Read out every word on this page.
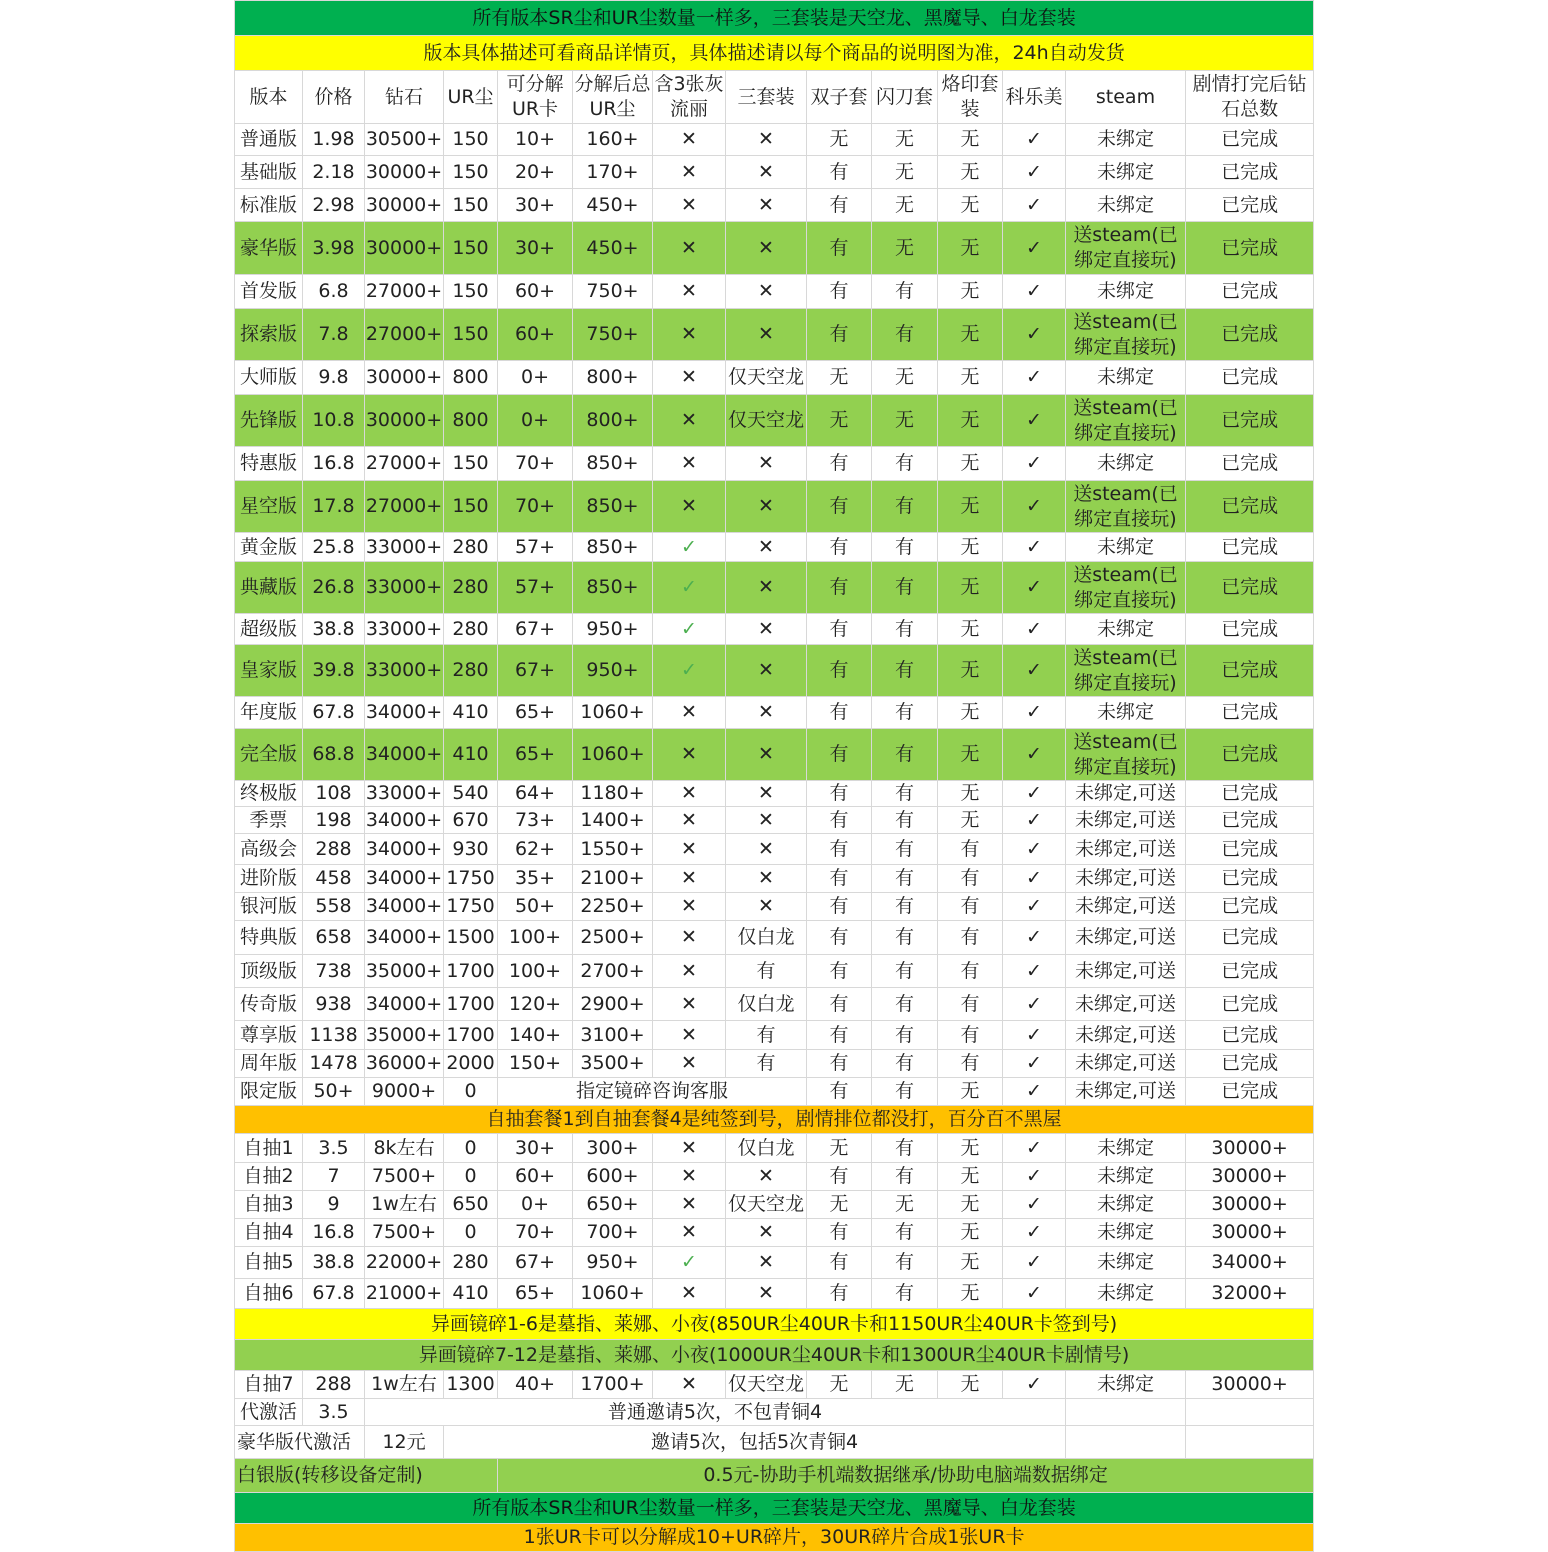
所有版本SR尘和UR尘数量一样多，三套装是天空龙、黑魔导、白龙套装													
版本具体描述可看商品详情页，具体描述请以每个商品的说明图为准，24h自动发货													
版本	价格	钻石	UR尘	可分解UR卡	分解后总UR尘	含3张灰流丽	三套装	双子套	闪刀套	烙印套装	科乐美	steam	剧情打完后钻石总数
普通版	1.98	30500+	150	10+	160+	✕	✕	无	无	无	✓	未绑定	已完成
基础版	2.18	30000+	150	20+	170+	✕	✕	有	无	无	✓	未绑定	已完成
标准版	2.98	30000+	150	30+	450+	✕	✕	有	无	无	✓	未绑定	已完成
豪华版	3.98	30000+	150	30+	450+	✕	✕	有	无	无	✓	送steam(已绑定直接玩)	已完成
首发版	6.8	27000+	150	60+	750+	✕	✕	有	有	无	✓	未绑定	已完成
探索版	7.8	27000+	150	60+	750+	✕	✕	有	有	无	✓	送steam(已绑定直接玩)	已完成
大师版	9.8	30000+	800	0+	800+	✕	仅天空龙	无	无	无	✓	未绑定	已完成
先锋版	10.8	30000+	800	0+	800+	✕	仅天空龙	无	无	无	✓	送steam(已绑定直接玩)	已完成
特惠版	16.8	27000+	150	70+	850+	✕	✕	有	有	无	✓	未绑定	已完成
星空版	17.8	27000+	150	70+	850+	✕	✕	有	有	无	✓	送steam(已绑定直接玩)	已完成
黄金版	25.8	33000+	280	57+	850+	✓	✕	有	有	无	✓	未绑定	已完成
典藏版	26.8	33000+	280	57+	850+	✓	✕	有	有	无	✓	送steam(已绑定直接玩)	已完成
超级版	38.8	33000+	280	67+	950+	✓	✕	有	有	无	✓	未绑定	已完成
皇家版	39.8	33000+	280	67+	950+	✓	✕	有	有	无	✓	送steam(已绑定直接玩)	已完成
年度版	67.8	34000+	410	65+	1060+	✕	✕	有	有	无	✓	未绑定	已完成
完全版	68.8	34000+	410	65+	1060+	✕	✕	有	有	无	✓	送steam(已绑定直接玩)	已完成
终极版	108	33000+	540	64+	1180+	✕	✕	有	有	无	✓	未绑定,可送	已完成
季票	198	34000+	670	73+	1400+	✕	✕	有	有	无	✓	未绑定,可送	已完成
高级会	288	34000+	930	62+	1550+	✕	✕	有	有	有	✓	未绑定,可送	已完成
进阶版	458	34000+	1750	35+	2100+	✕	✕	有	有	有	✓	未绑定,可送	已完成
银河版	558	34000+	1750	50+	2250+	✕	✕	有	有	有	✓	未绑定,可送	已完成
特典版	658	34000+	1500	100+	2500+	✕	仅白龙	有	有	有	✓	未绑定,可送	已完成
顶级版	738	35000+	1700	100+	2700+	✕	有	有	有	有	✓	未绑定,可送	已完成
传奇版	938	34000+	1700	120+	2900+	✕	仅白龙	有	有	有	✓	未绑定,可送	已完成
尊享版	1138	35000+	1700	140+	3100+	✕	有	有	有	有	✓	未绑定,可送	已完成
周年版	1478	36000+	2000	150+	3500+	✕	有	有	有	有	✓	未绑定,可送	已完成
限定版	50+	9000+	0	指定镜碎咨询客服				有	有	无	✓	未绑定,可送	已完成
自抽套餐1到自抽套餐4是纯签到号，剧情排位都没打，百分百不黑屋													
自抽1	3.5	8k左右	0	30+	300+	✕	仅白龙	无	有	无	✓	未绑定	30000+
自抽2	7	7500+	0	60+	600+	✕	✕	有	有	无	✓	未绑定	30000+
自抽3	9	1w左右	650	0+	650+	✕	仅天空龙	无	无	无	✓	未绑定	30000+
自抽4	16.8	7500+	0	70+	700+	✕	✕	有	有	无	✓	未绑定	30000+
自抽5	38.8	22000+	280	67+	950+	✓	✕	有	有	无	✓	未绑定	34000+
自抽6	67.8	21000+	410	65+	1060+	✕	✕	有	有	无	✓	未绑定	32000+
异画镜碎1-6是墓指、莱娜、小夜(850UR尘40UR卡和1150UR尘40UR卡签到号)													
异画镜碎7-12是墓指、莱娜、小夜(1000UR尘40UR卡和1300UR尘40UR卡剧情号)													
自抽7	288	1w左右	1300	40+	1700+	✕	仅天空龙	无	无	无	✓	未绑定	30000+
代激活	3.5	普通邀请5次，不包青铜4											
豪华版代激活		12元	邀请5次，包括5次青铜4										
白银版(转移设备定制)				0.5元-协助手机端数据继承/协助电脑端数据绑定									
所有版本SR尘和UR尘数量一样多，三套装是天空龙、黑魔导、白龙套装													
1张UR卡可以分解成10+UR碎片，30UR碎片合成1张UR卡													
